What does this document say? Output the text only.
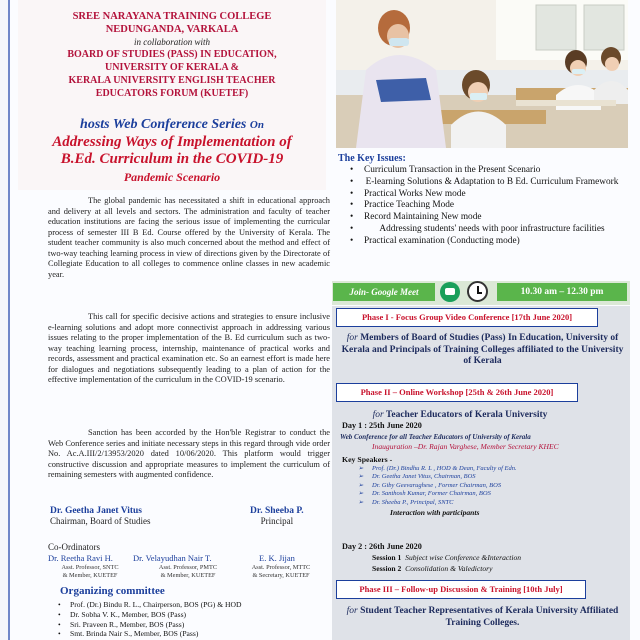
SREE NARAYANA TRAINING COLLEGE
NEDUNGANDA, VARKALA
in collaboration with
BOARD OF STUDIES (PASS) IN EDUCATION,
UNIVERSITY OF KERALA &
KERALA UNIVERSITY ENGLISH TEACHER
EDUCATORS FORUM (KUETEF)
hosts Web Conference Series On
Addressing Ways of Implementation of
B.Ed. Curriculum in the COVID-19
Pandemic Scenario

The global pandemic has necessitated a shift in educational approach and delivery at all levels and sectors. The administration and faculty of teacher education institutions are facing the serious issue of implementing the curricular process of semester III B Ed. Course offered by the University of Kerala. The student teacher community is also much concerned about the method and effect of two-way teaching learning process in view of directions given by the Directorate of Collegiate Education to all colleges to commence online classes in new academic year.

This call for specific decisive actions and strategies to ensure inclusive e-learning solutions and adopt more connectivist approach in addressing various issues relating to the proper implementation of the B. Ed curriculum such as two-way teaching learning process, internship, maintenance of practical works and records, assessment and practical examination etc. So an earnest effort is made here for dialogues and negotiations subsequently leading to a plan of action for the effective implementation of the curriculum in the COVID-19 scenario.

Sanction has been accorded by the Hon'ble Registrar to conduct the Web Conference series and initiate necessary steps in this regard through vide order No. Ac.A.III/2/13953/2020 dated 10/06/2020. This platform would trigger constructive discussion and appropriate measures to implement the curriculum of remaining semesters with augmented confidence.

Dr. Geetha Janet Vitus
Chairman, Board of Studies
Dr. Sheeba P.
Principal
Co-Ordinators
Dr. Reetha Ravi H.
Asst. Professor, SNTC
& Member, KUETEF
Dr. Velayudhan Nair T.
Asst. Professor, PMTC
& Member, KUETEF
E. K. Jijan
Asst. Professor, MTTC
& Secretary, KUETEF
Organizing committee
• Prof. (Dr.) Bindu R. L., Chairperson, BOS (PG) & HOD
• Dr. Sobha V. K., Member, BOS (Pass)
• Sri. Praveen R., Member, BOS (Pass)
• Smt. Brinda Nair S., Member, BOS (Pass)
The Key Issues:
• Curriculum Transaction in the Present Scenario
• E-learning Solutions & Adaptation to B Ed. Curriculum Framework
• Practical Works New mode
• Practice Teaching Mode
• Record Maintaining New mode
• Addressing students' needs with poor infrastructure facilities
• Practical examination (Conducting mode)
Join- Google Meet	10.30 am – 12.30 pm
Phase I - Focus Group Video Conference [17th June 2020]
for Members of Board of Studies (Pass) In Education, University of Kerala and Principals of Training Colleges affiliated to the University of Kerala
Phase II – Online Workshop [25th & 26th June 2020]
for Teacher Educators of Kerala University
Day 1 : 25th June 2020
Web Conference for all Teacher Educators of University of Kerala
Inauguration –Dr. Rajan Varghese, Member Secretary KHEC
Key Speakers -
➢ Prof. (Dr.) Bindhu R. L , HOD & Dean, Faculty of Edn.
➢ Dr. Geetha Janet Vitus, Chairman, BOS
➢ Dr. Giby Geevarughese , Former Chairman, BOS
➢ Dr. Santhosh Kumar, Former Chairman, BOS
➢ Dr. Sheeba P., Principal, SNTC
Interaction with participants
Day 2 : 26th June 2020
Session 1 Subject wise Conference &Interaction
Session 2 Consolidation & Valedictory
Phase III – Follow-up Discussion & Training [10th July]
for Student Teacher Representatives of Kerala University Affiliated Training Colleges.
